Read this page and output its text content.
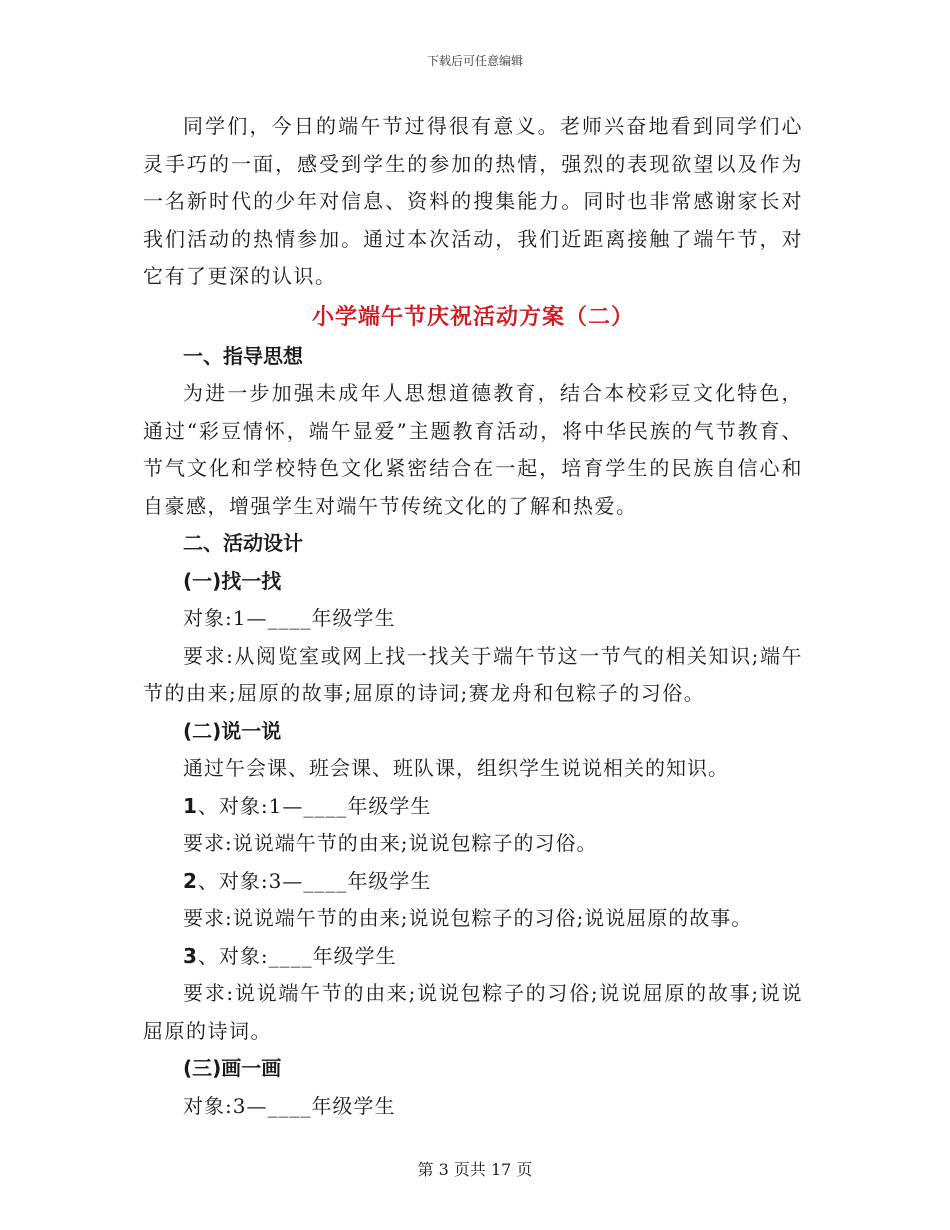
下载后可任意编辑

同学们，今日的端午节过得很有意义。老师兴奋地看到同学们心灵手巧的一面，感受到学生的参加的热情，强烈的表现欲望以及作为一名新时代的少年对信息、资料的搜集能力。同时也非常感谢家长对我们活动的热情参加。通过本次活动，我们近距离接触了端午节，对它有了更深的认识。

小学端午节庆祝活动方案（二）
一、指导思想

为进一步加强未成年人思想道德教育，结合本校彩豆文化特色，通过“彩豆情怀，端午显爱”主题教育活动，将中华民族的气节教育、节气文化和学校特色文化紧密结合在一起，培育学生的民族自信心和自豪感，增强学生对端午节传统文化的了解和热爱。

二、活动设计
(一)找一找
对象:1—____年级学生

要求:从阅览室或网上找一找关于端午节这一节气的相关知识;端午节的由来;屈原的故事;屈原的诗词;赛龙舟和包粽子的习俗。

(二)说一说
通过午会课、班会课、班队课，组织学生说说相关的知识。
1、对象:1—____年级学生
要求:说说端午节的由来;说说包粽子的习俗。
2、对象:3—____年级学生
要求:说说端午节的由来;说说包粽子的习俗;说说屈原的故事。
3、对象:____年级学生

要求:说说端午节的由来;说说包粽子的习俗;说说屈原的故事;说说屈原的诗词。

(三)画一画
对象:3—____年级学生
第 3 页共 17 页
